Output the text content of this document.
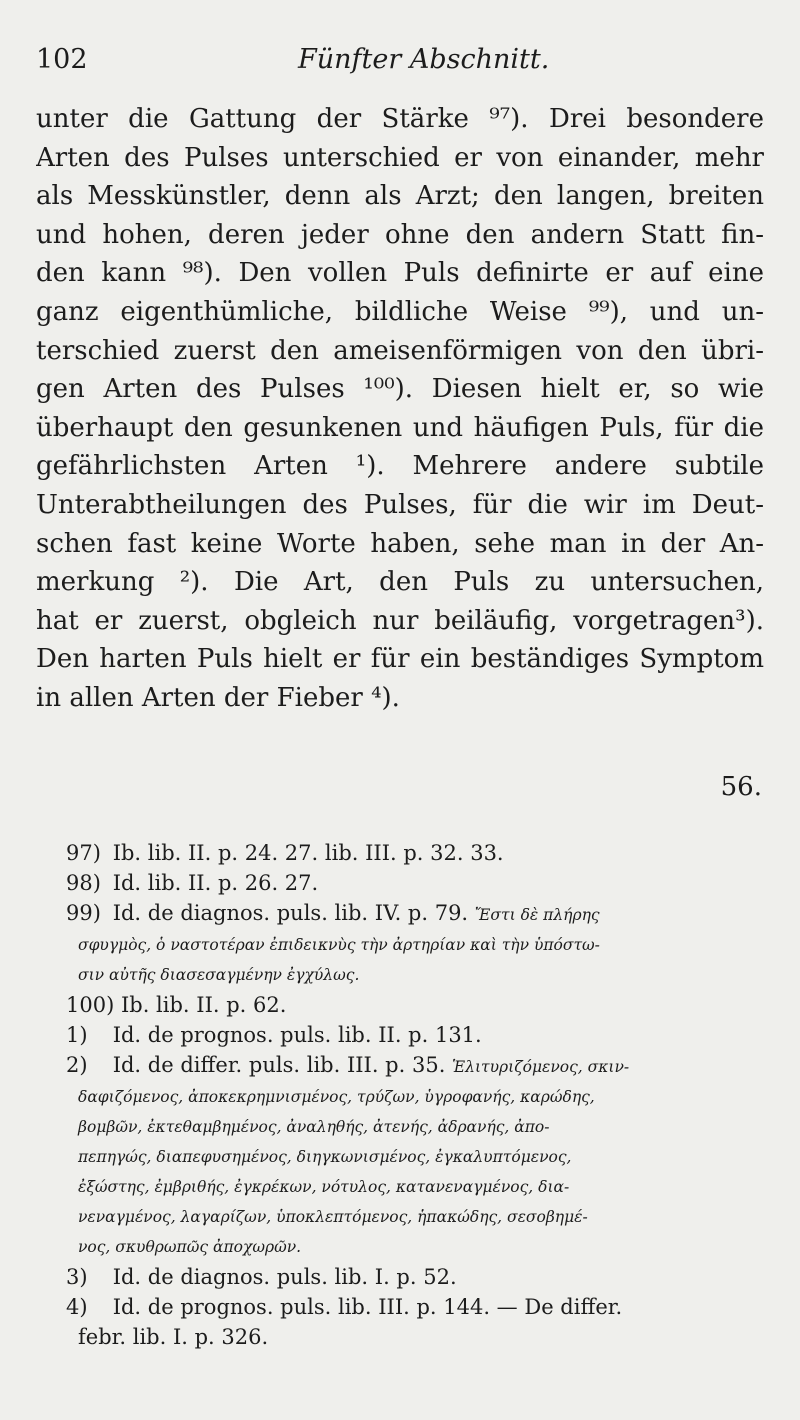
102	Fünfter Abschnitt.
unter die Gattung der Stärke ⁹⁷). Drei besondere
Arten des Pulses unterschied er von einander, mehr
als Messkünstler, denn als Arzt; den langen, breiten
und hohen, deren jeder ohne den andern Statt fin-
den kann ⁹⁸). Den vollen Puls definirte er auf eine
ganz eigenthümliche, bildliche Weise ⁹⁹), und un-
terschied zuerst den ameisenförmigen von den übri-
gen Arten des Pulses ¹⁰⁰). Diesen hielt er, so wie
überhaupt den gesunkenen und häufigen Puls, für die
gefährlichsten Arten ¹). Mehrere andere subtile
Unterabtheilungen des Pulses, für die wir im Deut-
schen fast keine Worte haben, sehe man in der An-
merkung ²). Die Art, den Puls zu untersuchen,
hat er zuerst, obgleich nur beiläufig, vorgetragen³).
Den harten Puls hielt er für ein beständiges Symptom
in allen Arten der Fieber ⁴).
56.
97) Ib. lib. II. p. 24. 27. lib. III. p. 32. 33.
98) Id. lib. II. p. 26. 27.
99) Id. de diagnos. puls. lib. IV. p. 79. Ἔστι δὲ πλήρης
σφυγμὸς, ὁ ναστοτέραν ἐπιδεικνὺς τὴν ἀρτηρίαν καὶ τὴν ὑπόστω-
σιν αὐτῆς διασεσαγμένην ἐγχύλως.
100) Ib. lib. II. p. 62.
1) Id. de prognos. puls. lib. II. p. 131.
2) Id. de differ. puls. lib. III. p. 35. Ἑλιτυριζόμενος, σκιν-
δαφιζόμενος, ἀποκεκρημνισμένος, τρύζων, ὑγροφανής, καρώδης,
βομβῶν, ἐκτεθαμβημένος, ἀναληθής, ἀτενής, ἀδρανής, ἀπο-
πεπηγώς, διαπεφυσημένος, διηγκωνισμένος, ἐγκαλυπτόμενος,
ἐξώστης, ἐμβριθής, ἐγκρέκων, νότυλος, κατανεναγμένος, δια-
νεναγμένος, λαγαρίζων, ὑποκλεπτόμενος, ἡπακώδης, σεσοβημέ-
νος, σκυθρωπῶς ἀποχωρῶν.
3) Id. de diagnos. puls. lib. I. p. 52.
4) Id. de prognos. puls. lib. III. p. 144. — De differ.
febr. lib. I. p. 326.
